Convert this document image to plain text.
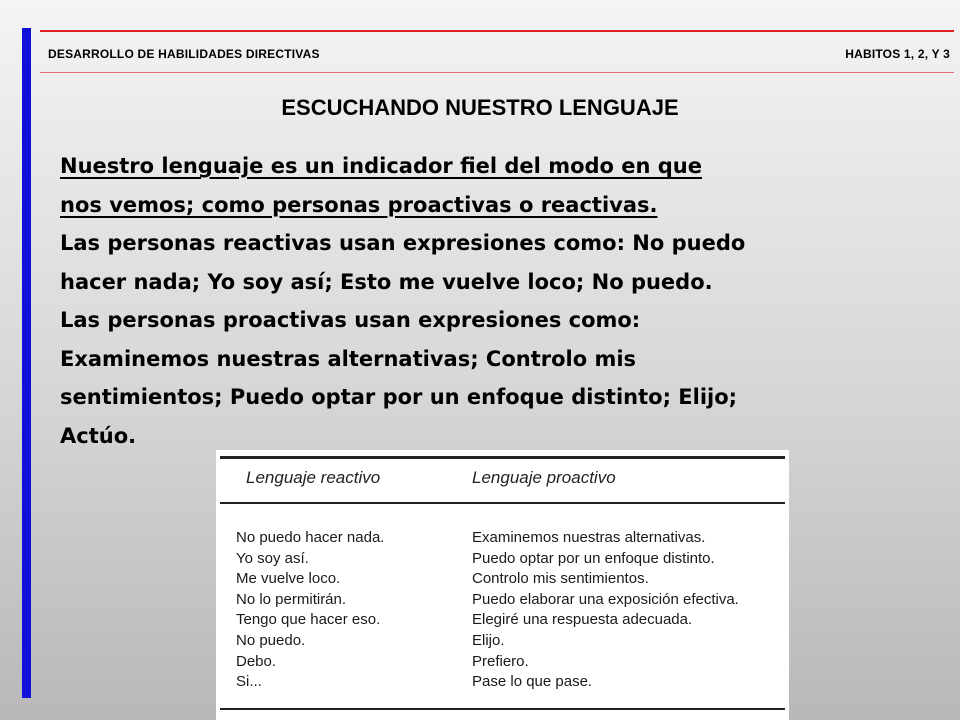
DESARROLLO DE HABILIDADES DIRECTIVAS	HABITOS 1, 2, Y 3
ESCUCHANDO NUESTRO LENGUAJE
Nuestro lenguaje es un indicador fiel del modo en que
nos vemos; como personas proactivas o reactivas.
Las personas reactivas usan expresiones como: No puedo
hacer nada; Yo soy así; Esto me vuelve loco; No puedo.
Las personas proactivas usan expresiones como:
Examinemos nuestras alternativas; Controlo mis
sentimientos; Puedo optar por un enfoque distinto; Elijo;
Actúo.
Lenguaje reactivo	Lenguaje proactivo
No puedo hacer nada.
Yo soy así.
Me vuelve loco.
No lo permitirán.
Tengo que hacer eso.
No puedo.
Debo.
Si...
Examinemos nuestras alternativas.
Puedo optar por un enfoque distinto.
Controlo mis sentimientos.
Puedo elaborar una exposición efectiva.
Elegiré una respuesta adecuada.
Elijo.
Prefiero.
Pase lo que pase.
